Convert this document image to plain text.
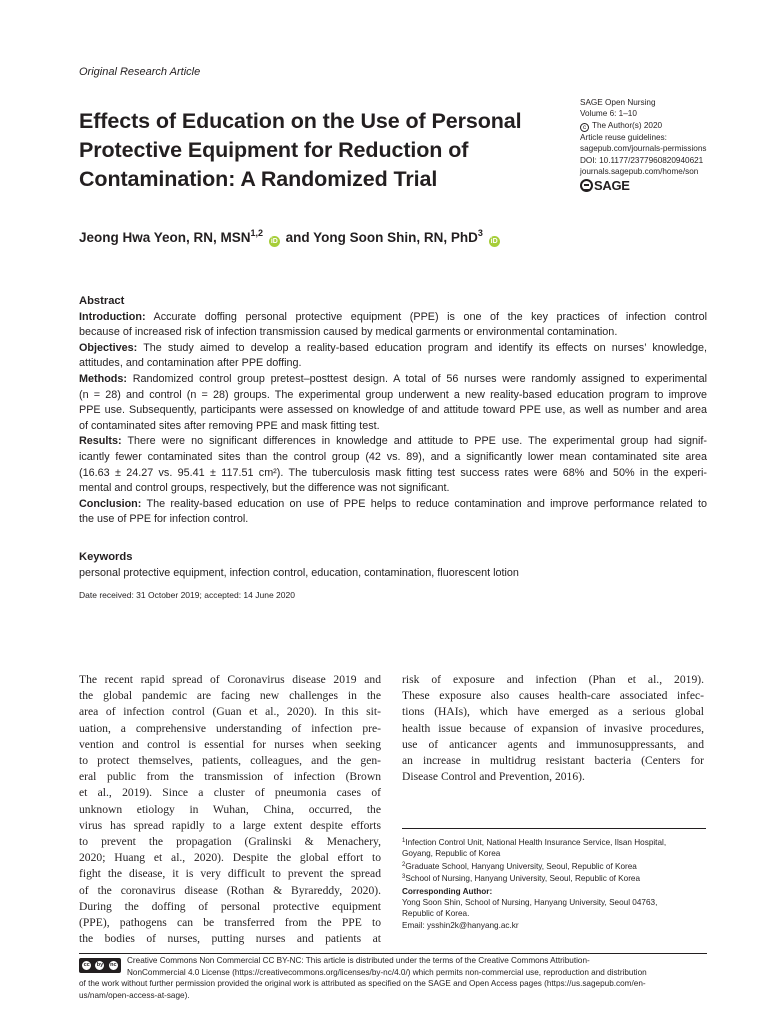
Original Research Article
Effects of Education on the Use of Personal
Protective Equipment for Reduction of
Contamination: A Randomized Trial
SAGE Open Nursing
Volume 6: 1–10
c The Author(s) 2020
Article reuse guidelines:
sagepub.com/journals-permissions
DOI: 10.1177/2377960820940621
journals.sagepub.com/home/son
SAGE
Jeong Hwa Yeon, RN, MSN$^{1,2}$ iD and Yong Soon Shin, RN, PhD$^3$ iD
Abstract

Introduction: Accurate doffing personal protective equipment (PPE) is one of the key practices of infection control
because of increased risk of infection transmission caused by medical garments or environmental contamination.

Objectives: The study aimed to develop a reality-based education program and identify its effects on nurses’ knowledge,
attitudes, and contamination after PPE doffing.

Methods: Randomized control group pretest–posttest design. A total of 56 nurses were randomly assigned to experimental
(n = 28) and control (n = 28) groups. The experimental group underwent a new reality-based education program to improve
PPE use. Subsequently, participants were assessed on knowledge of and attitude toward PPE use, as well as number and area
of contaminated sites after removing PPE and mask fitting test.

Results: There were no significant differences in knowledge and attitude to PPE use. The experimental group had signif-
icantly fewer contaminated sites than the control group (42 vs. 89), and a significantly lower mean contaminated site area
(16.63 ± 24.27 vs. 95.41 ± 117.51 cm²). The tuberculosis mask fitting test success rates were 68% and 50% in the experi-
mental and control groups, respectively, but the difference was not significant.

Conclusion: The reality-based education on use of PPE helps to reduce contamination and improve performance related to
the use of PPE for infection control.

Keywords
personal protective equipment, infection control, education, contamination, fluorescent lotion
Date received: 31 October 2019; accepted: 14 June 2020
The recent rapid spread of Coronavirus disease 2019 and
the global pandemic are facing new challenges in the
area of infection control (Guan et al., 2020). In this sit-
uation, a comprehensive understanding of infection pre-
vention and control is essential for nurses when seeking
to protect themselves, patients, colleagues, and the gen-
eral public from the transmission of infection (Brown
et al., 2019). Since a cluster of pneumonia cases of
unknown etiology in Wuhan, China, occurred, the
virus has spread rapidly to a large extent despite efforts
to prevent the propagation (Gralinski & Menachery,
2020; Huang et al., 2020). Despite the global effort to
fight the disease, it is very difficult to prevent the spread
of the coronavirus disease (Rothan & Byrareddy, 2020).
During the doffing of personal protective equipment
(PPE), pathogens can be transferred from the PPE to
the bodies of nurses, putting nurses and patients at
risk of exposure and infection (Phan et al., 2019).
These exposure also causes health-care associated infec-
tions (HAIs), which have emerged as a serious global
health issue because of expansion of invasive procedures,
use of anticancer agents and immunosuppressants, and
an increase in multidrug resistant bacteria (Centers for
Disease Control and Prevention, 2016).
$^1$Infection Control Unit, National Health Insurance Service, Ilsan Hospital,
Goyang, Republic of Korea
$^2$Graduate School, Hanyang University, Seoul, Republic of Korea
$^3$School of Nursing, Hanyang University, Seoul, Republic of Korea
Corresponding Author:
Yong Soon Shin, School of Nursing, Hanyang University, Seoul 04763,
Republic of Korea.
Email: ysshin2k@hanyang.ac.kr
cc	by	nc	Creative Commons Non Commercial CC BY-NC: This article is distributed under the terms of the Creative Commons Attribution-
NonCommercial 4.0 License (https://creativecommons.org/licenses/by-nc/4.0/) which permits non-commercial use, reproduction and distribution
of the work without further permission provided the original work is attributed as specified on the SAGE and Open Access pages (https://us.sagepub.com/en-
us/nam/open-access-at-sage).
